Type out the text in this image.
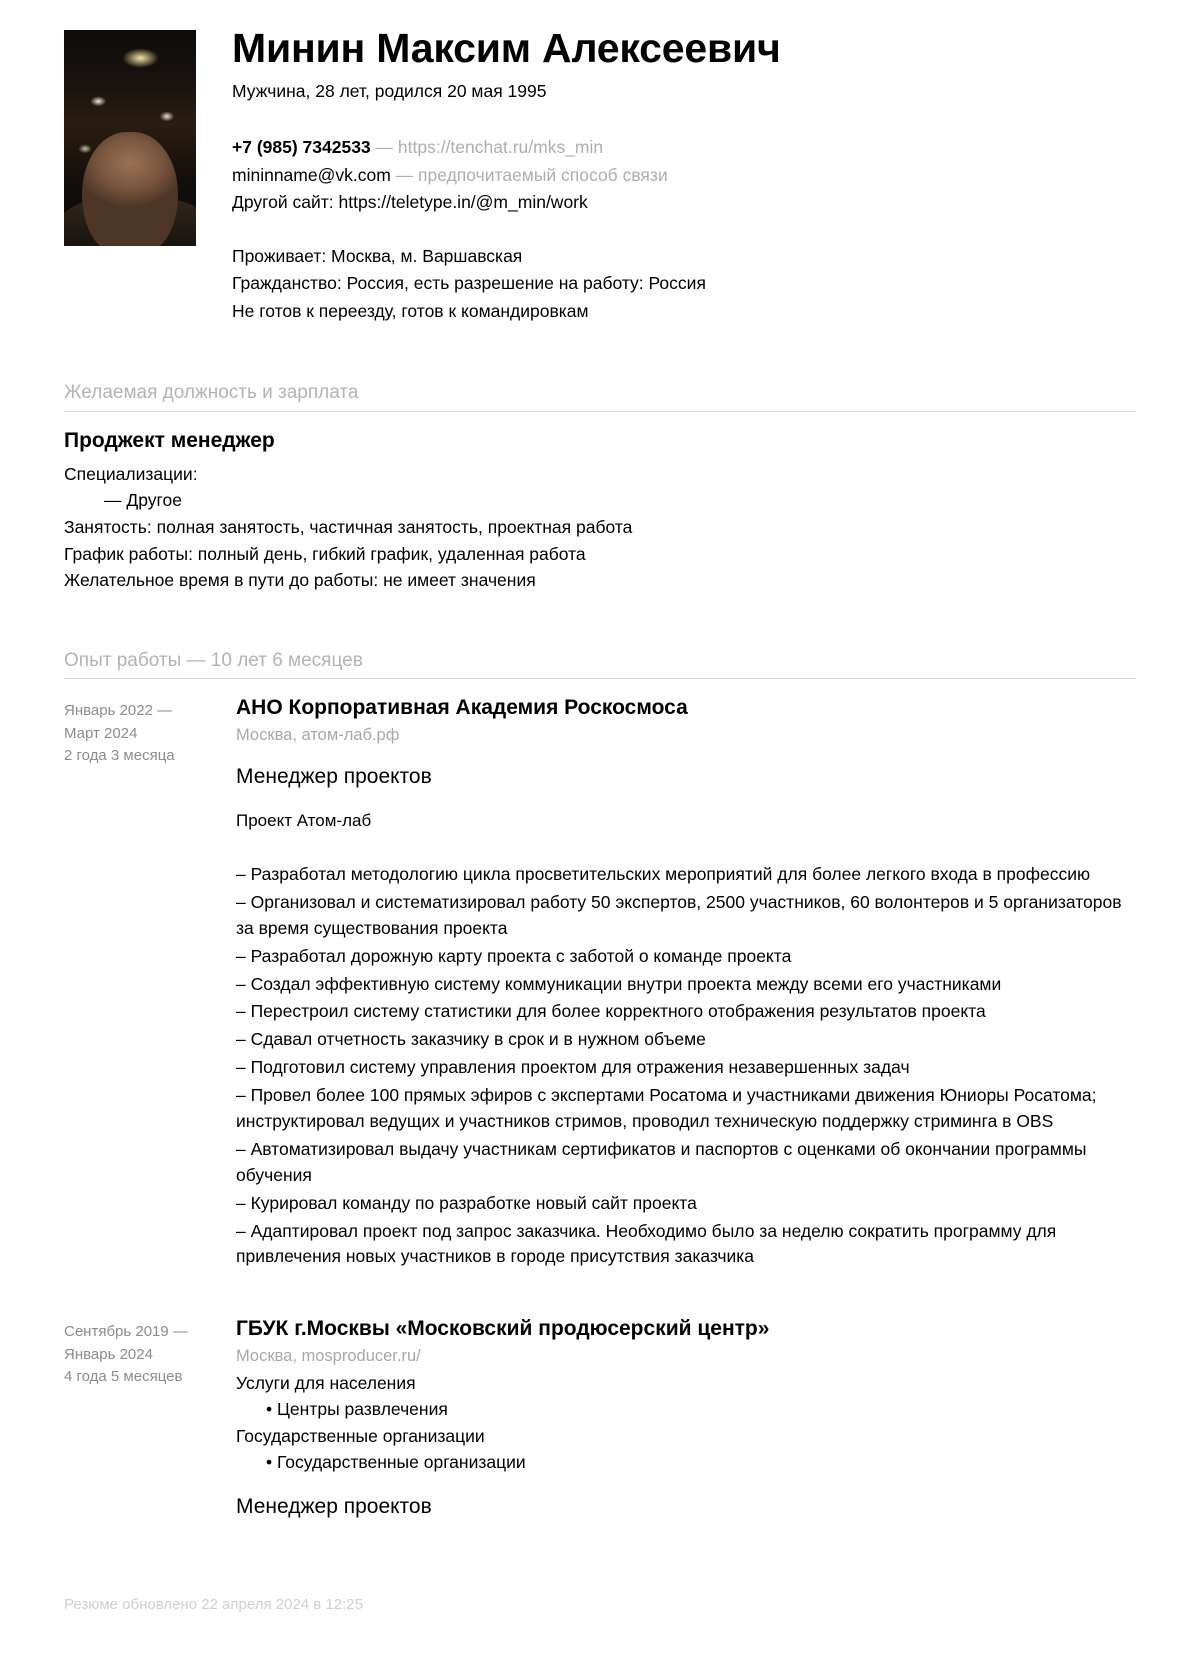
Минин Максим Алексеевич
Мужчина, 28 лет, родился 20 мая 1995
+7 (985) 7342533 — https://tenchat.ru/mks_min
mininname@vk.com — предпочитаемый способ связи
Другой сайт: https://teletype.in/@m_min/work
Проживает: Москва, м. Варшавская
Гражданство: Россия, есть разрешение на работу: Россия
Не готов к переезду, готов к командировкам
Желаемая должность и зарплата
Проджект менеджер
Специализации:
— Другое
Занятость: полная занятость, частичная занятость, проектная работа
График работы: полный день, гибкий график, удаленная работа
Желательное время в пути до работы: не имеет значения
Опыт работы — 10 лет 6 месяцев
Январь 2022 —
Март 2024
2 года 3 месяца
АНО Корпоративная Академия Роскосмоса
Москва, атом-лаб.рф
Менеджер проектов
Проект Атом-лаб
– Разработал методологию цикла просветительских мероприятий для более легкого входа в профессию
– Организовал и систематизировал работу 50 экспертов, 2500 участников, 60 волонтеров и 5 организаторов за время существования проекта
– Разработал дорожную карту проекта с заботой о команде проекта
– Создал эффективную систему коммуникации внутри проекта между всеми его участниками
– Перестроил систему статистики для более корректного отображения результатов проекта
– Сдавал отчетность заказчику в срок и в нужном объеме
– Подготовил систему управления проектом для отражения незавершенных задач
– Провел более 100 прямых эфиров с экспертами Росатома и участниками движения Юниоры Росатома; инструктировал ведущих и участников стримов, проводил техническую поддержку стриминга в OBS
– Автоматизировал выдачу участникам сертификатов и паспортов с оценками об окончании программы обучения
– Курировал команду по разработке новый сайт проекта
– Адаптировал проект под запрос заказчика. Необходимо было за неделю сократить программу для привлечения новых участников в городе присутствия заказчика
Сентябрь 2019 —
Январь 2024
4 года 5 месяцев
ГБУК г.Москвы «Московский продюсерский центр»
Москва, mosproducer.ru/
Услуги для населения
• Центры развлечения
Государственные организации
• Государственные организации
Менеджер проектов
Резюме обновлено 22 апреля 2024 в 12:25
